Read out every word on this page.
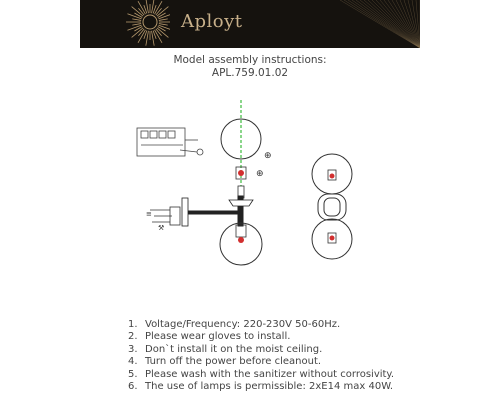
Aployt
Model assembly instructions:
APL.759.01.02
⊕
⊕
≡
⚒
1. Voltage/Frequency: 220-230V 50-60Hz.
2. Please wear gloves to install.
3. Don`t install it on the moist ceiling.
4. Turn off the power before cleanout.
5. Please wash with the sanitizer without corrosivity.
6. The use of lamps is permissible: 2xE14 max 40W.
